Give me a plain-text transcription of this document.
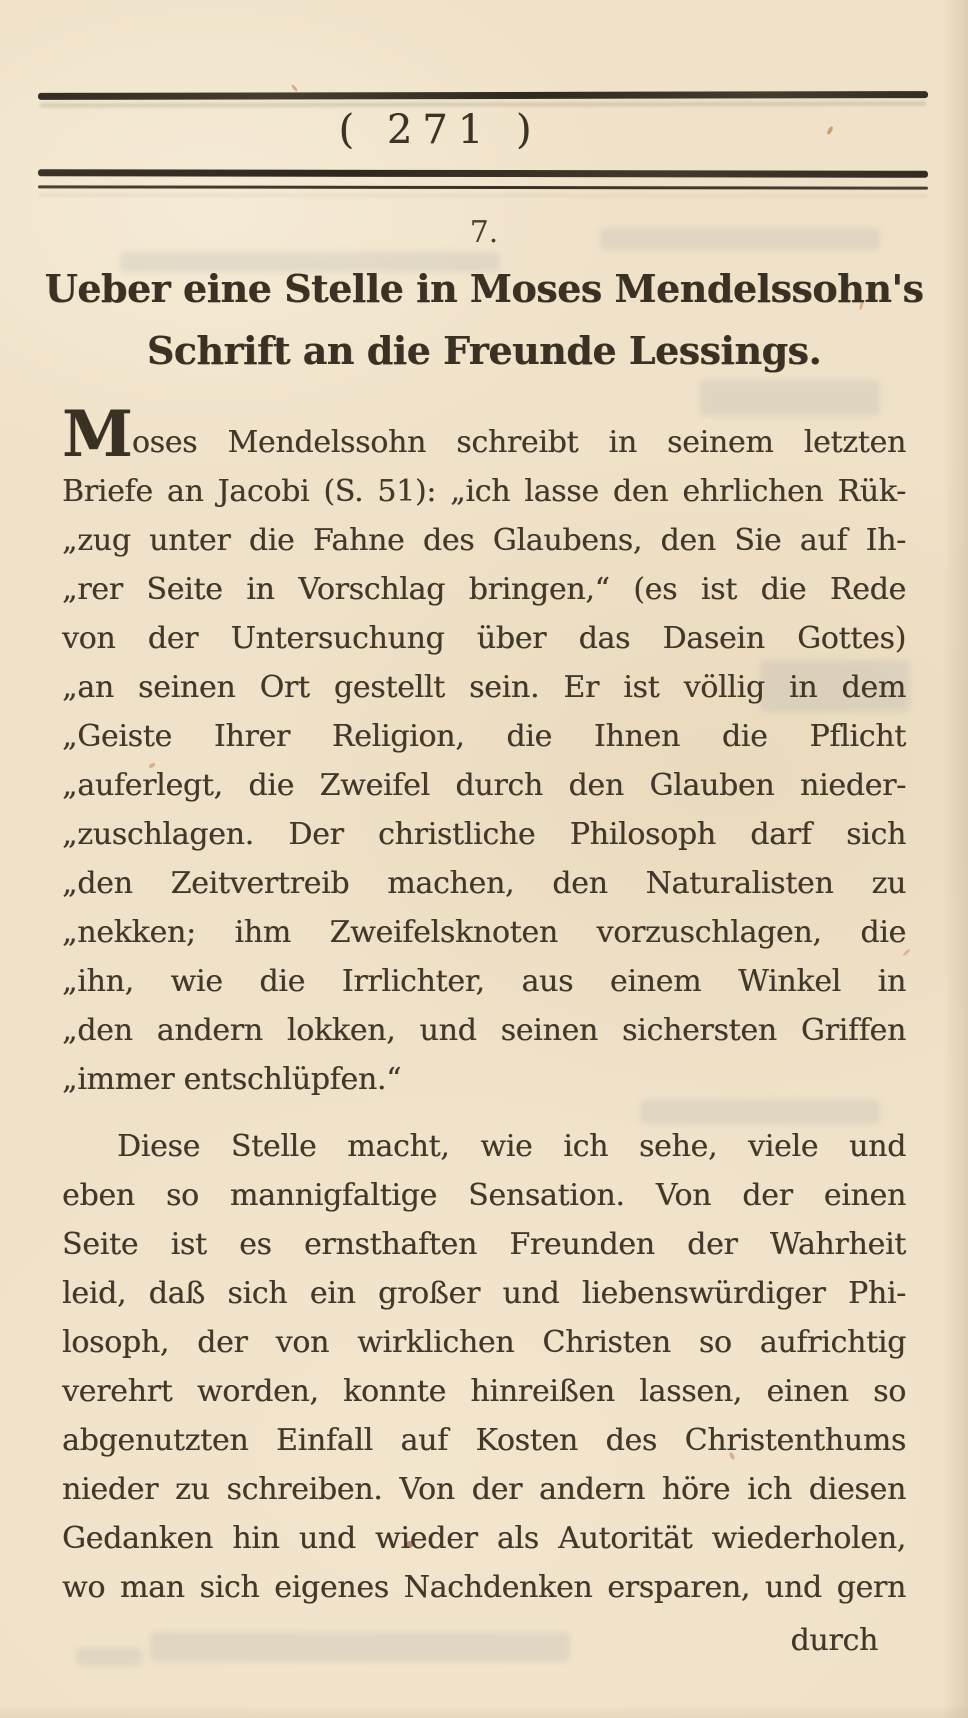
( 271 )
7.
Ueber eine Stelle in Moses Mendelssohn's
Schrift an die Freunde Lessings.
Moses Mendelssohn schreibt in seinem letzten
Briefe an Jacobi (S. 51): „ich lasse den ehrlichen Rük-
„zug unter die Fahne des Glaubens, den Sie auf Ih-
„rer Seite in Vorschlag bringen,“ (es ist die Rede
von der Untersuchung über das Dasein Gottes)
„an seinen Ort gestellt sein. Er ist völlig in dem
„Geiste Ihrer Religion, die Ihnen die Pflicht
„auferlegt, die Zweifel durch den Glauben nieder-
„zuschlagen. Der christliche Philosoph darf sich
„den Zeitvertreib machen, den Naturalisten zu
„nekken; ihm Zweifelsknoten vorzuschlagen, die
„ihn, wie die Irrlichter, aus einem Winkel in
„den andern lokken, und seinen sichersten Griffen
„immer entschlüpfen.“
Diese Stelle macht, wie ich sehe, viele und
eben so mannigfaltige Sensation. Von der einen
Seite ist es ernsthaften Freunden der Wahrheit
leid, daß sich ein großer und liebenswürdiger Phi-
losoph, der von wirklichen Christen so aufrichtig
verehrt worden, konnte hinreißen lassen, einen so
abgenutzten Einfall auf Kosten des Christenthums
nieder zu schreiben. Von der andern höre ich diesen
Gedanken hin und wieder als Autorität wiederholen,
wo man sich eigenes Nachdenken ersparen, und gern
durch
